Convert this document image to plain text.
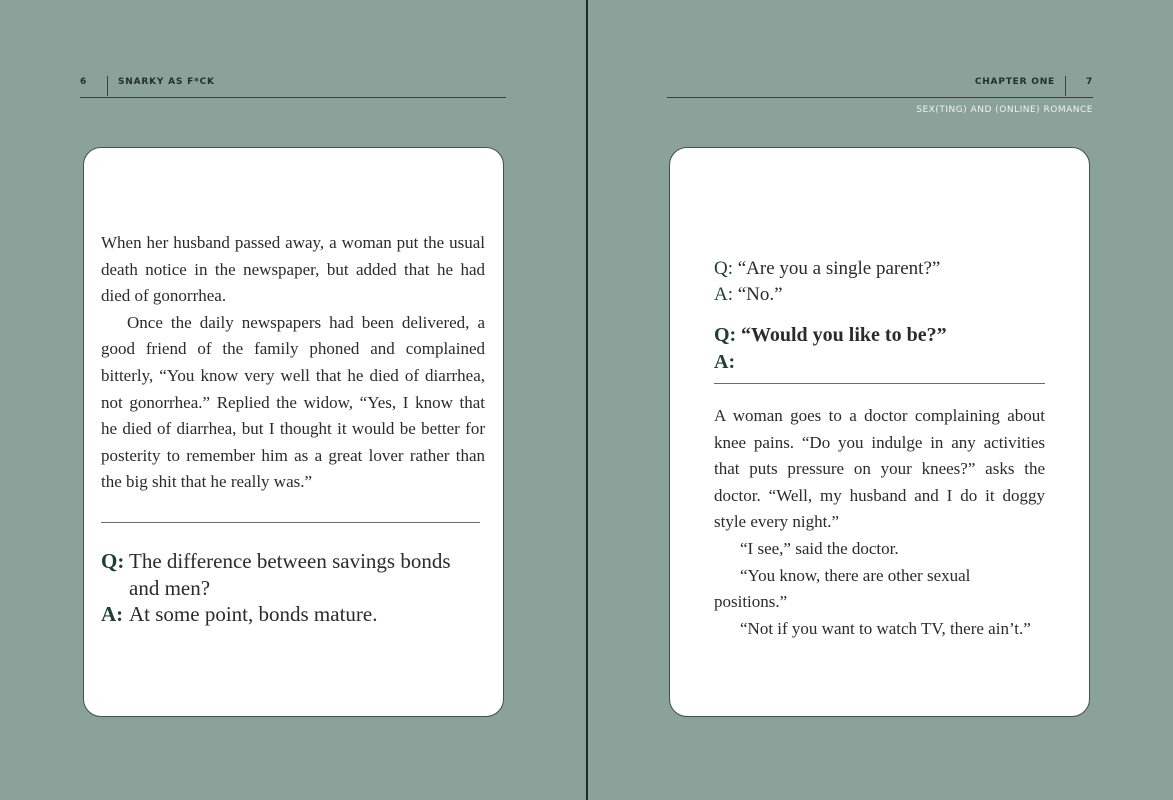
6	SNARKY AS F*CK	CHAPTER ONE	7
SEX(TING) AND (ONLINE) ROMANCE

When her husband passed away, a woman put the usual death notice in the newspaper, but added that he had died of gonorrhea.

Once the daily newspapers had been delivered, a good friend of the family phoned and complained bitterly, “You know very well that he died of diarrhea, not gonorrhea.” Replied the widow, “Yes, I know that he died of diarrhea, but I thought it would be better for posterity to remember him as a great lover rather than the big shit that he really was.”

Q: The difference between savings bonds and men?
A: At some point, bonds mature.
Q: “Are you a single parent?”
A: “No.”
Q: “Would you like to be?”
A:

A woman goes to a doctor complaining about knee pains. “Do you indulge in any activities that puts pressure on your knees?” asks the doctor. “Well, my husband and I do it doggy style every night.”

“I see,” said the doctor.

“You know, there are other sexual positions.”

“Not if you want to watch TV, there ain’t.”
